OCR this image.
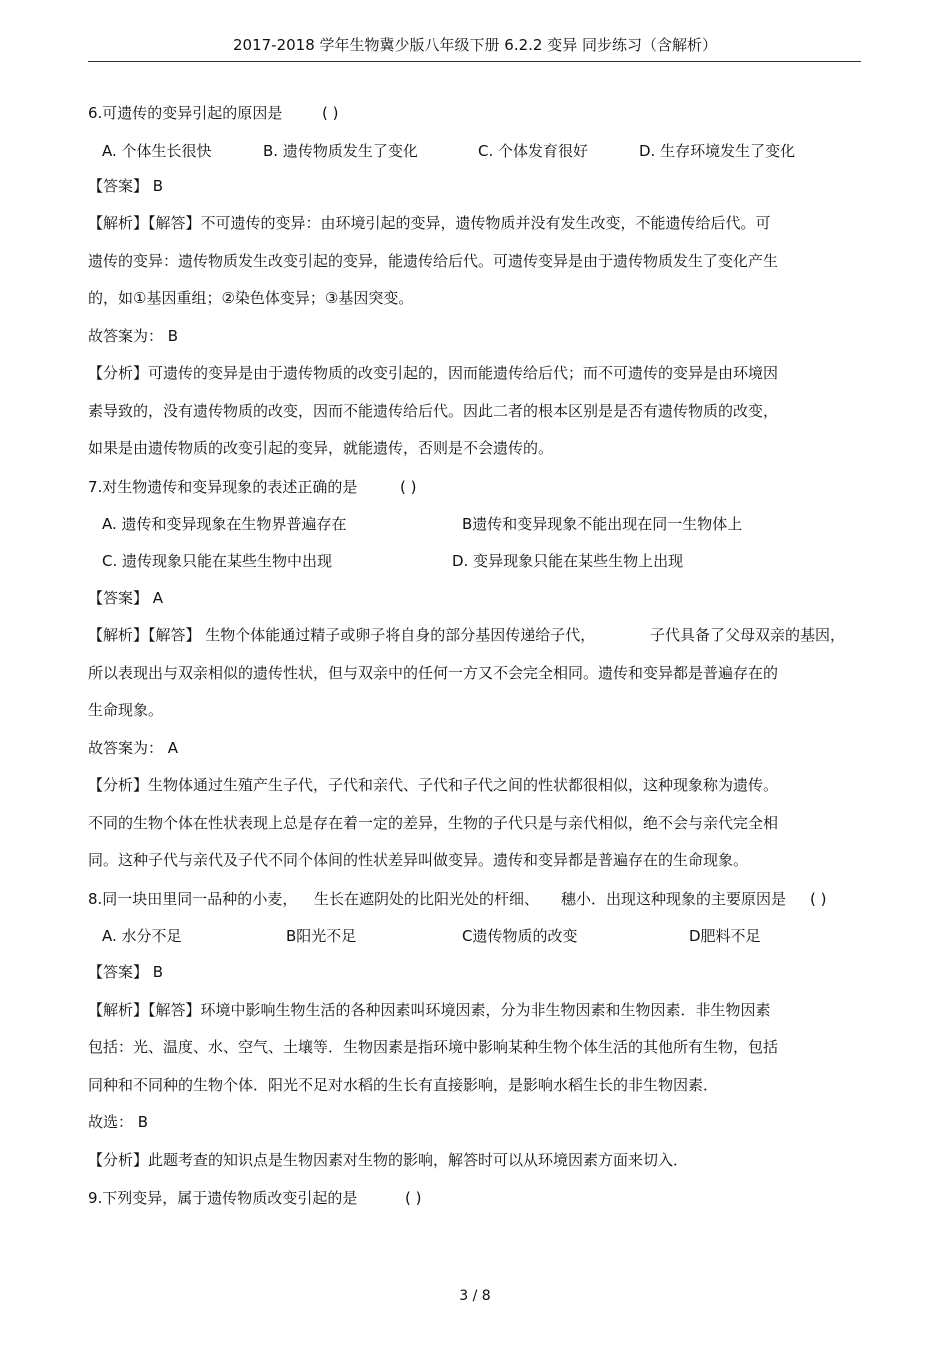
2017-2018 学年生物冀少版八年级下册 6.2.2 变异 同步练习（含解析）
6.可遗传的变异引起的原因是	( )
A. 个体生长很快	B. 遗传物质发生了变化	C. 个体发育很好	D. 生存环境发生了变化
【答案】 B
【解析】【解答】不可遗传的变异：由环境引起的变异，遗传物质并没有发生改变，不能遗传给后代。可
遗传的变异：遗传物质发生改变引起的变异，能遗传给后代。可遗传变异是由于遗传物质发生了变化产生
的，如①基因重组；②染色体变异；③基因突变。
故答案为： B
【分析】可遗传的变异是由于遗传物质的改变引起的，因而能遗传给后代；而不可遗传的变异是由环境因
素导致的，没有遗传物质的改变，因而不能遗传给后代。因此二者的根本区别是是否有遗传物质的改变，
如果是由遗传物质的改变引起的变异，就能遗传，否则是不会遗传的。
7.对生物遗传和变异现象的表述正确的是	( )
A. 遗传和变异现象在生物界普遍存在	B遗传和变异现象不能出现在同一生物体上
C. 遗传现象只能在某些生物中出现	D. 变异现象只能在某些生物上出现
【答案】 A
【解析】【解答】 生物个体能通过精子或卵子将自身的部分基因传递给子代，	子代具备了父母双亲的基因，
所以表现出与双亲相似的遗传性状，但与双亲中的任何一方又不会完全相同。遗传和变异都是普遍存在的
生命现象。
故答案为： A
【分析】生物体通过生殖产生子代，子代和亲代、子代和子代之间的性状都很相似，这种现象称为遗传。
不同的生物个体在性状表现上总是存在着一定的差异，生物的子代只是与亲代相似，绝不会与亲代完全相
同。这种子代与亲代及子代不同个体间的性状差异叫做变异。遗传和变异都是普遍存在的生命现象。
8.同一块田里同一品种的小麦， 生长在遮阴处的比阳光处的杆细、 穗小．出现这种现象的主要原因是 ( )
A. 水分不足	B阳光不足	C遗传物质的改变	D肥料不足
【答案】 B
【解析】【解答】环境中影响生物生活的各种因素叫环境因素，分为非生物因素和生物因素．非生物因素
包括：光、温度、水、空气、土壤等．生物因素是指环境中影响某种生物个体生活的其他所有生物，包括
同种和不同种的生物个体．阳光不足对水稻的生长有直接影响，是影响水稻生长的非生物因素．
故选： B
【分析】此题考查的知识点是生物因素对生物的影响，解答时可以从环境因素方面来切入．
9.下列变异，属于遗传物质改变引起的是	( )
3 / 8
